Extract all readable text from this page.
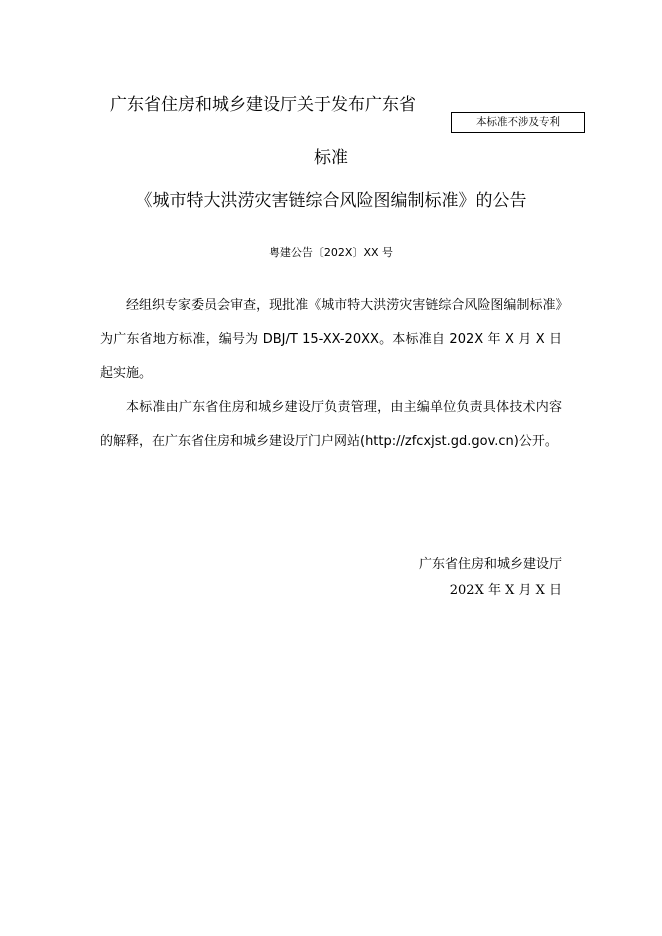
广东省住房和城乡建设厅关于发布广东省
本标准不涉及专利
标准
《城市特大洪涝灾害链综合风险图编制标准》的公告
粤建公告〔202X〕XX 号

经组织专家委员会审查，现批准《城市特大洪涝灾害链综合风险图编制标准》为广东省地方标准，编号为 DBJ/T 15-XX-20XX。本标准自 202X 年 X 月 X 日起实施。

本标准由广东省住房和城乡建设厅负责管理，由主编单位负责具体技术内容的解释，在广东省住房和城乡建设厅门户网站(http://zfcxjst.gd.gov.cn)公开。

广东省住房和城乡建设厅
202X 年 X 月 X 日
